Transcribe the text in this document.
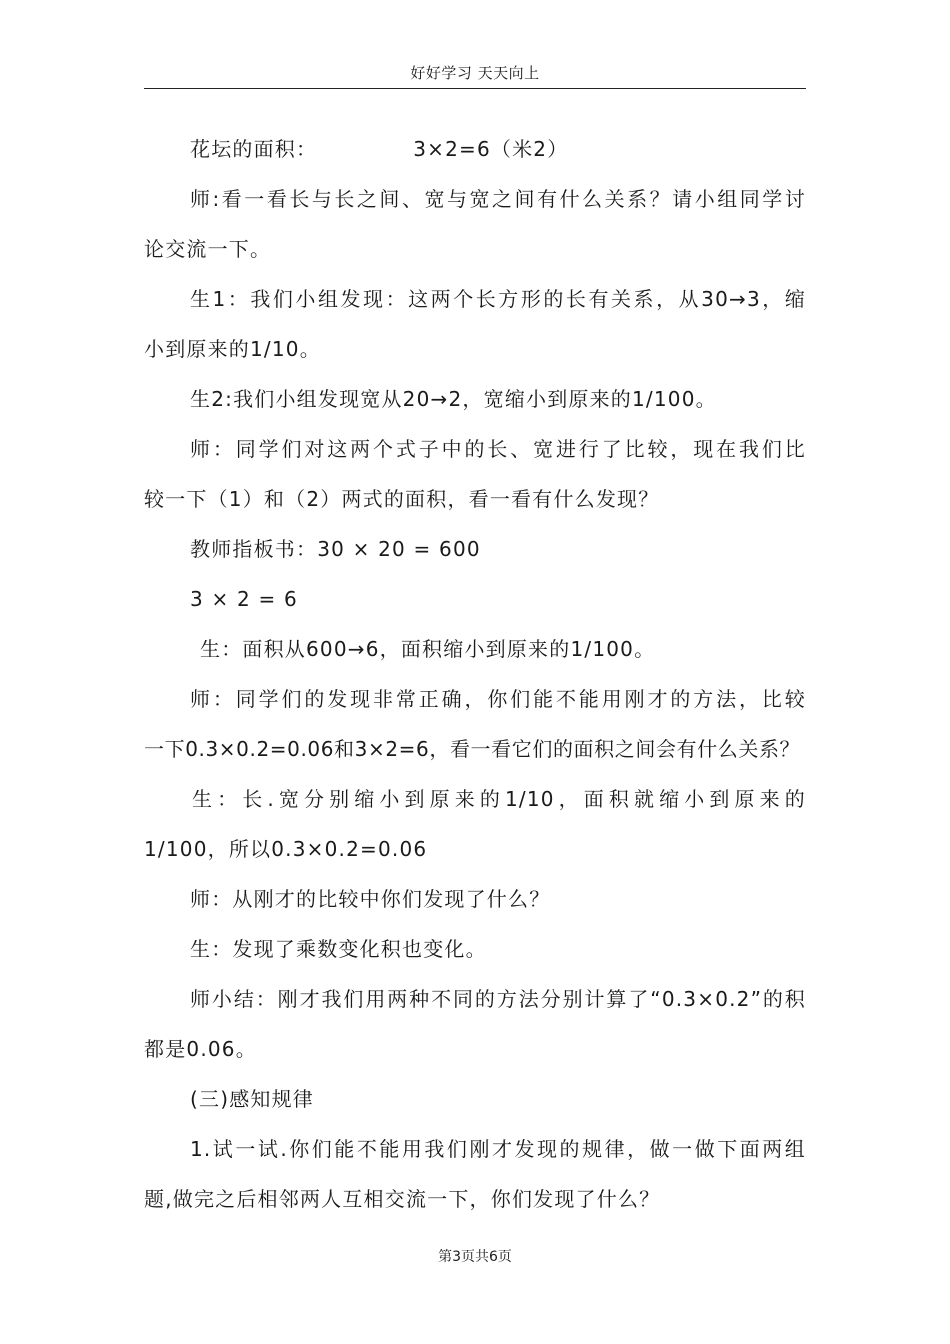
好好学习 天天向上
花坛的面积：	3×2=6（米2）
师:看一看长与长之间、宽与宽之间有什么关系？请小组同学讨
论交流一下。
生1：我们小组发现：这两个长方形的长有关系，从30→3，缩
小到原来的1/10。
生2:我们小组发现宽从20→2，宽缩小到原来的1/100。
师：同学们对这两个式子中的长、宽进行了比较，现在我们比
较一下（1）和（2）两式的面积，看一看有什么发现？
教师指板书：30 × 20 = 600
3 × 2 = 6
生：面积从600→6，面积缩小到原来的1/100。
师：同学们的发现非常正确，你们能不能用刚才的方法，比较
一下0.3×0.2=0.06和3×2=6，看一看它们的面积之间会有什么关系？
生：长.宽分别缩小到原来的1/10，面积就缩小到原来的
1/100，所以0.3×0.2=0.06
师：从刚才的比较中你们发现了什么？
生：发现了乘数变化积也变化。
师小结：刚才我们用两种不同的方法分别计算了“0.3×0.2”的积
都是0.06。
(三)感知规律
1.试一试.你们能不能用我们刚才发现的规律，做一做下面两组
题,做完之后相邻两人互相交流一下，你们发现了什么？
第3页共6页
